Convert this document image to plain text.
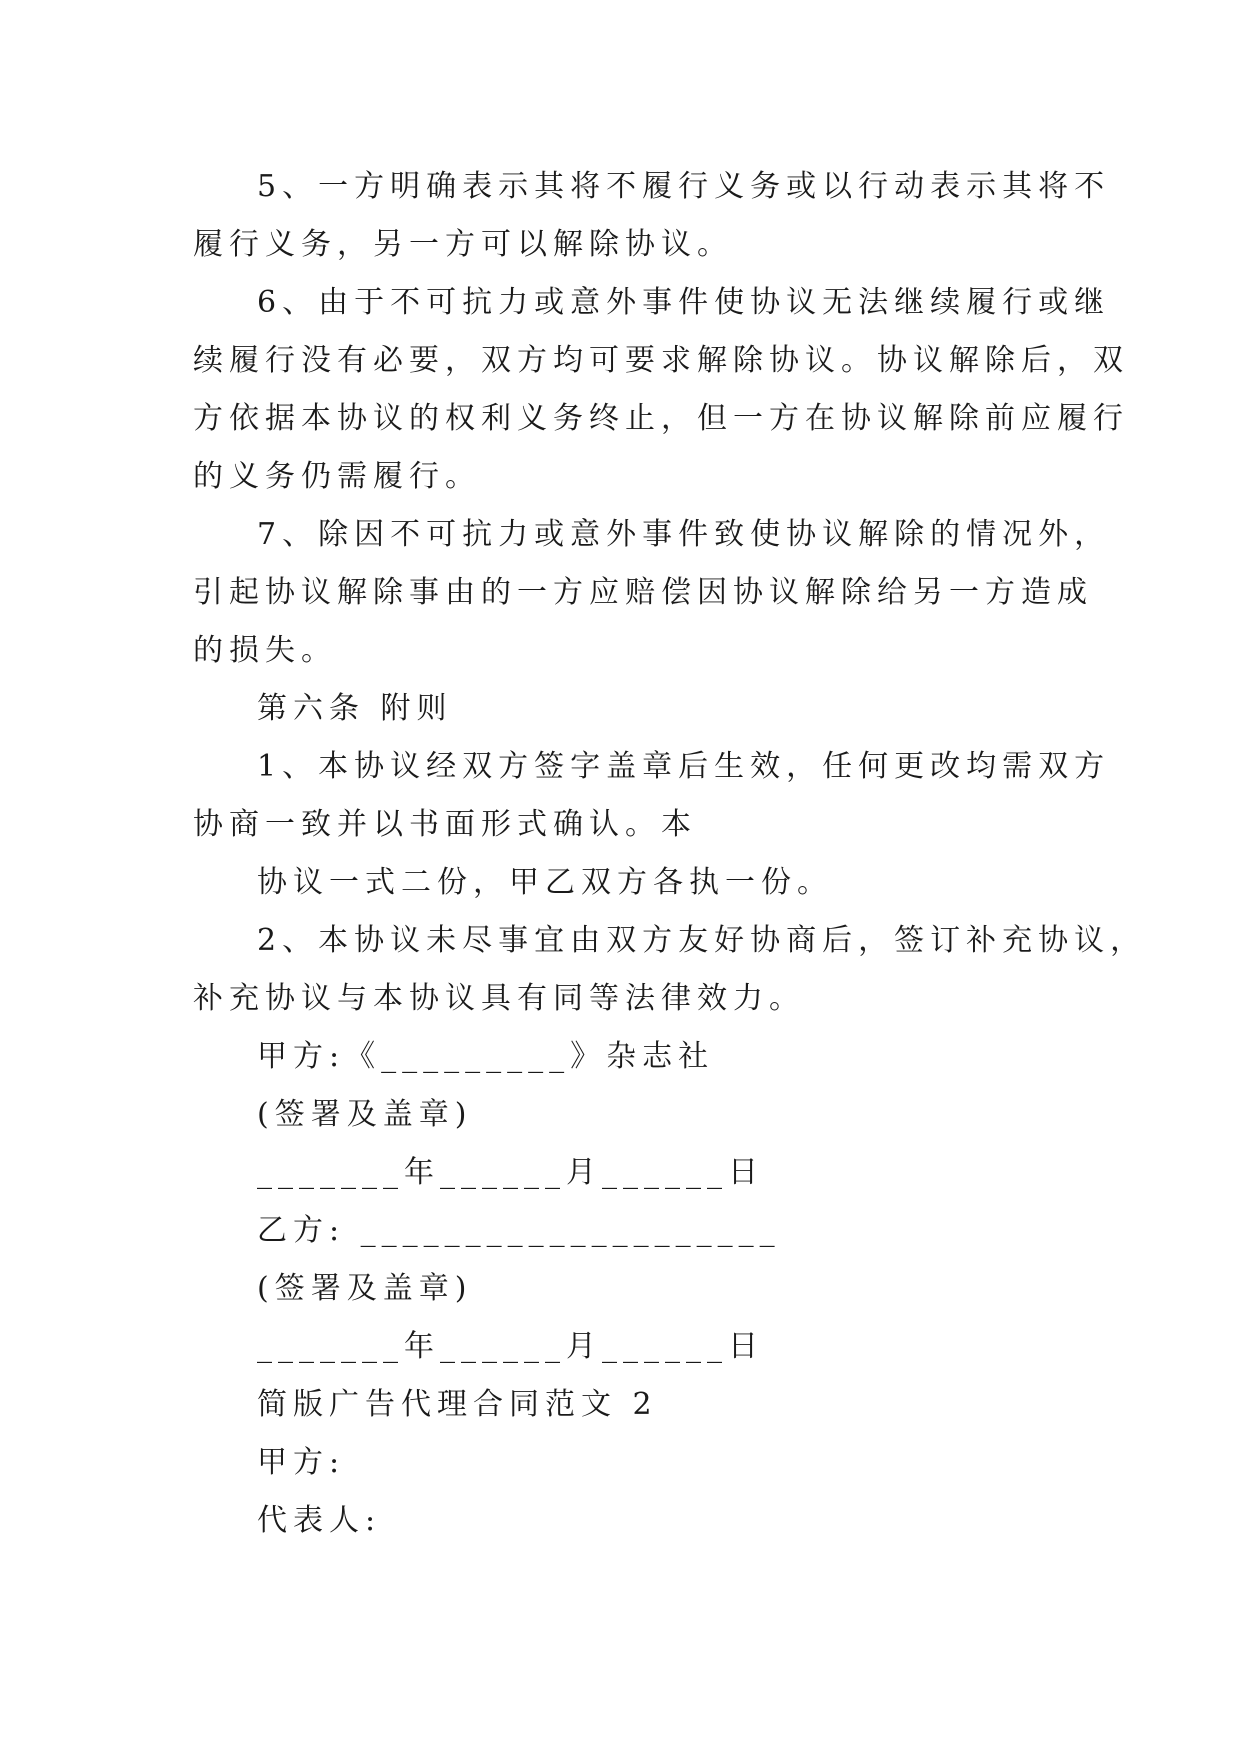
5、一方明确表示其将不履行义务或以行动表示其将不
履行义务，另一方可以解除协议。
6、由于不可抗力或意外事件使协议无法继续履行或继
续履行没有必要，双方均可要求解除协议。协议解除后，双
方依据本协议的权利义务终止，但一方在协议解除前应履行
的义务仍需履行。
7、除因不可抗力或意外事件致使协议解除的情况外，
引起协议解除事由的一方应赔偿因协议解除给另一方造成
的损失。
第六条 附则
1、本协议经双方签字盖章后生效，任何更改均需双方
协商一致并以书面形式确认。本
协议一式二份，甲乙双方各执一份。
2、本协议未尽事宜由双方友好协商后，签订补充协议，
补充协议与本协议具有同等法律效力。
甲方:《_________》杂志社
(签署及盖章)
_______年______月______日
乙方: ____________________
(签署及盖章)
_______年______月______日
简版广告代理合同范文 2
甲方:
代表人:
